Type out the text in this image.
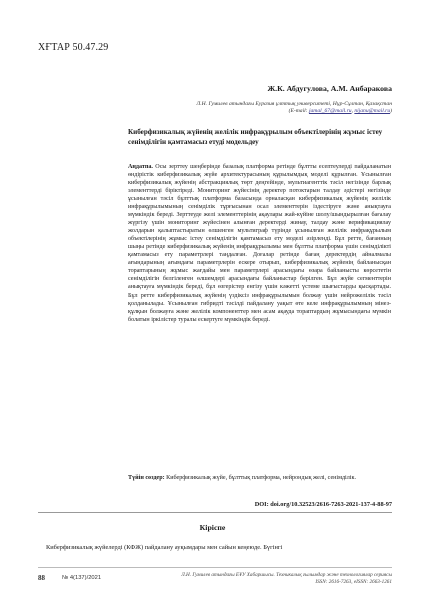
ХҒТАР 50.47.29
Ж.К. Абдугулова, А.М. Анбаракова
Л.Н. Гумилев атындағы Еуразия ұлттық университеті, Нұр-Сұлтан, Қазақстан
(E-mail: jamal_67@mail.ru, nijanu@mail.ru)
Киберфизикалық жүйенің желілік инфрақұрылым объектілерінің жұмыс істеу сенімділігін қамтамасыз етуді модельдеу
Аңдатпа. Осы зерттеу шеңберінде базалық платформа ретінде бұлтты есептеулерді пайдаланатын өндірістік киберфизикалық жүйе архитектурасының құрылымдық моделі құрылған. Ұсынылған киберфизикалық жүйенің абстракциялық төрт деңгейінде, мультиагенттік тәсіл негізінде барлық элементтерді біріктіреді. Мониторинг жүйесінің деректер потоктарын талдау әдістері негізінде ұсынылған тәсіл бұлттық платформа базасында орналасқан киберфизикалық жүйенің желілік инфрақұрылымының сенімділік тұрғысынан осал элементтерін іздестіруге және анықтауға мүмкіндік береді. Зерттеуде желі элементтерінің ақаулары жай-күйіне шолу/шындырылған бағалау жүргізу үшін мониторинг жүйесінен алынған деректерді жинау, талдау және верификациялау жолдарын қалыптастыратын өлшенген мультиграф түрінде ұсынылған желілік инфрақұрылым объектілерінің жұмыс істеу сенімділігін қамтамасыз ету моделі әзірленді. Бұл ретте, бағанның шыңы ретінде киберфизикалық жүйенің инфрақұрылымы мен бұлтты платформа үшін сенімділікті қамтамасыз ету параметрлері таңдалған. Доғалар ретінде бағаң деректердің айналмалы ағындарының ағымдағы параметрлерін ескере отырып, киберфизикалық жүйенің байланысқан тораптарының жұмыс жағдайы мен параметрлері арасындағы өзара байланысты көрсететін сенімділігін белгіленген өлшемдері арасындағы байланыстар берілген. Бұл жүйе сегменттерін анықтауға мүмкіндік береді, бұл өзгерістер енгізу үшін кәжетті үстеме шығыстарды қысқартады. Бұл ретте киберфизикалық жүйенің үздіксіз инфрақұрылымын болжау үшін нейрожелілік тәсіл қолданылады. Ұсынылған гибридті тәсілді пайдалану уақыт өте келе инфрақұрылымның мінез-құлқын болжауға және желілік компоненттер мен асам ақауда тораптардың жұмысындағы мүмкін болатын іркілістер туралы ескертуге мүмкіндік береді.
Түйін сөздер: Киберфизикалық жүйе, бұлттық платформа, нейрондық желі, сенімділік.
DOI: doi.org/10.32523/2616-7263-2021-137-4-88-97
Кіріспе
Киберфизикалық жүйелерді (КФЖ) пайдалану ауқымдары мен сайын кеңеюде. Бүгінгі
88	№ 4(137)/2021	Л.Н. Гумилев атындағы ЕҰУ Хабаршысы. Техникалық ғылымдар және технологиялар сериясы
ISSN: 2616-7263, eISSN: 2663-1261
